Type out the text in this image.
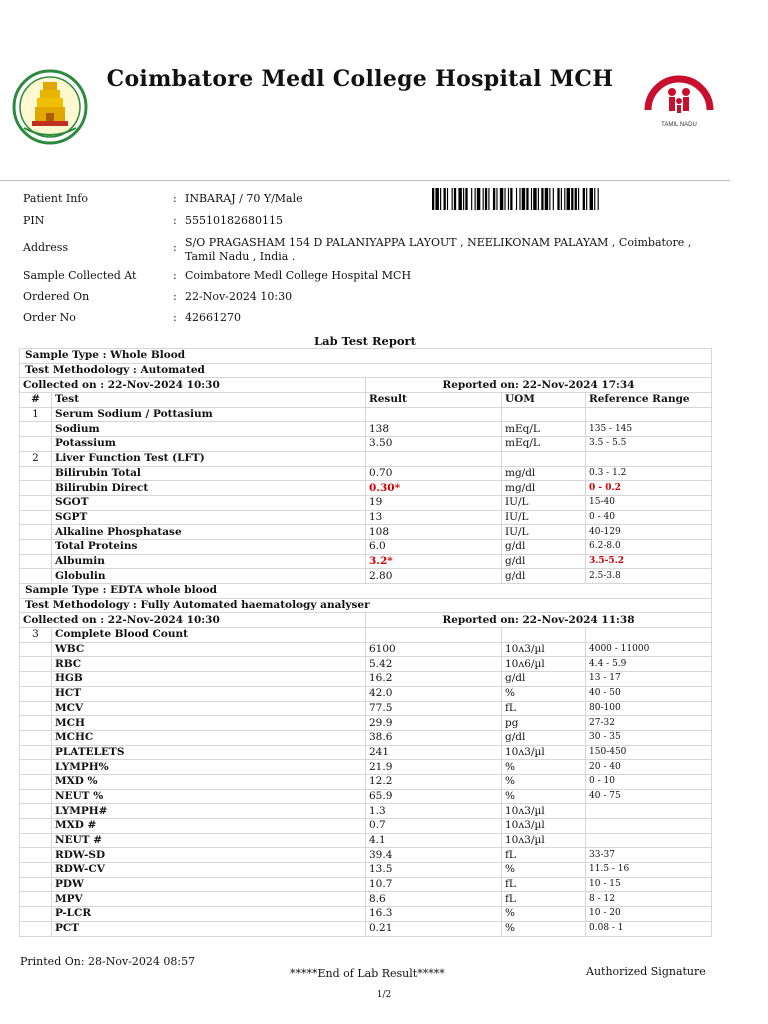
Coimbatore Medl College Hospital MCH
TAMIL NADU
Patient Info	: INBARAJ / 70 Y/Male
PIN	: 55510182680115
Address	: S/O PRAGASHAM 154 D PALANIYAPPA LAYOUT , NEELIKONAM PALAYAM , Coimbatore , Tamil Nadu , India .
Sample Collected At	: Coimbatore Medl College Hospital MCH
Ordered On	: 22-Nov-2024 10:30
Order No	: 42661270
Lab Test Report
Sample Type : Whole Blood				
Test Methodology : Automated				
Collected on : 22-Nov-2024 10:30		Reported on: 22-Nov-2024 17:34		
#	Test	Result	UOM	Reference Range
1	Serum Sodium / Pottasium			
	Sodium	138	mEq/L	135 - 145
	Potassium	3.50	mEq/L	3.5 - 5.5
2	Liver Function Test (LFT)			
	Bilirubin Total	0.70	mg/dl	0.3 - 1.2
	Bilirubin Direct	0.30*	mg/dl	0 - 0.2
	SGOT	19	IU/L	15-40
	SGPT	13	IU/L	0 - 40
	Alkaline Phosphatase	108	IU/L	40-129
	Total Proteins	6.0	g/dl	6.2-8.0
	Albumin	3.2*	g/dl	3.5-5.2
	Globulin	2.80	g/dl	2.5-3.8
Sample Type : EDTA whole blood				
Test Methodology : Fully Automated haematology analyser				
Collected on : 22-Nov-2024 10:30		Reported on: 22-Nov-2024 11:38		
3	Complete Blood Count			
	WBC	6100	10ʌ3/µl	4000 - 11000
	RBC	5.42	10ʌ6/µl	4.4 - 5.9
	HGB	16.2	g/dl	13 - 17
	HCT	42.0	%	40 - 50
	MCV	77.5	fL	80-100
	MCH	29.9	pg	27-32
	MCHC	38.6	g/dl	30 - 35
	PLATELETS	241	10ʌ3/µl	150-450
	LYMPH%	21.9	%	20 - 40
	MXD %	12.2	%	0 - 10
	NEUT %	65.9	%	40 - 75
	LYMPH#	1.3	10ʌ3/µl	
	MXD #	0.7	10ʌ3/µl	
	NEUT #	4.1	10ʌ3/µl	
	RDW-SD	39.4	fL	33-37
	RDW-CV	13.5	%	11.5 - 16
	PDW	10.7	fL	10 - 15
	MPV	8.6	fL	8 - 12
	P-LCR	16.3	%	10 - 20
	PCT	0.21	%	0.08 - 1
Printed On: 28-Nov-2024 08:57
*****End of Lab Result*****	Authorized Signature
1/2
